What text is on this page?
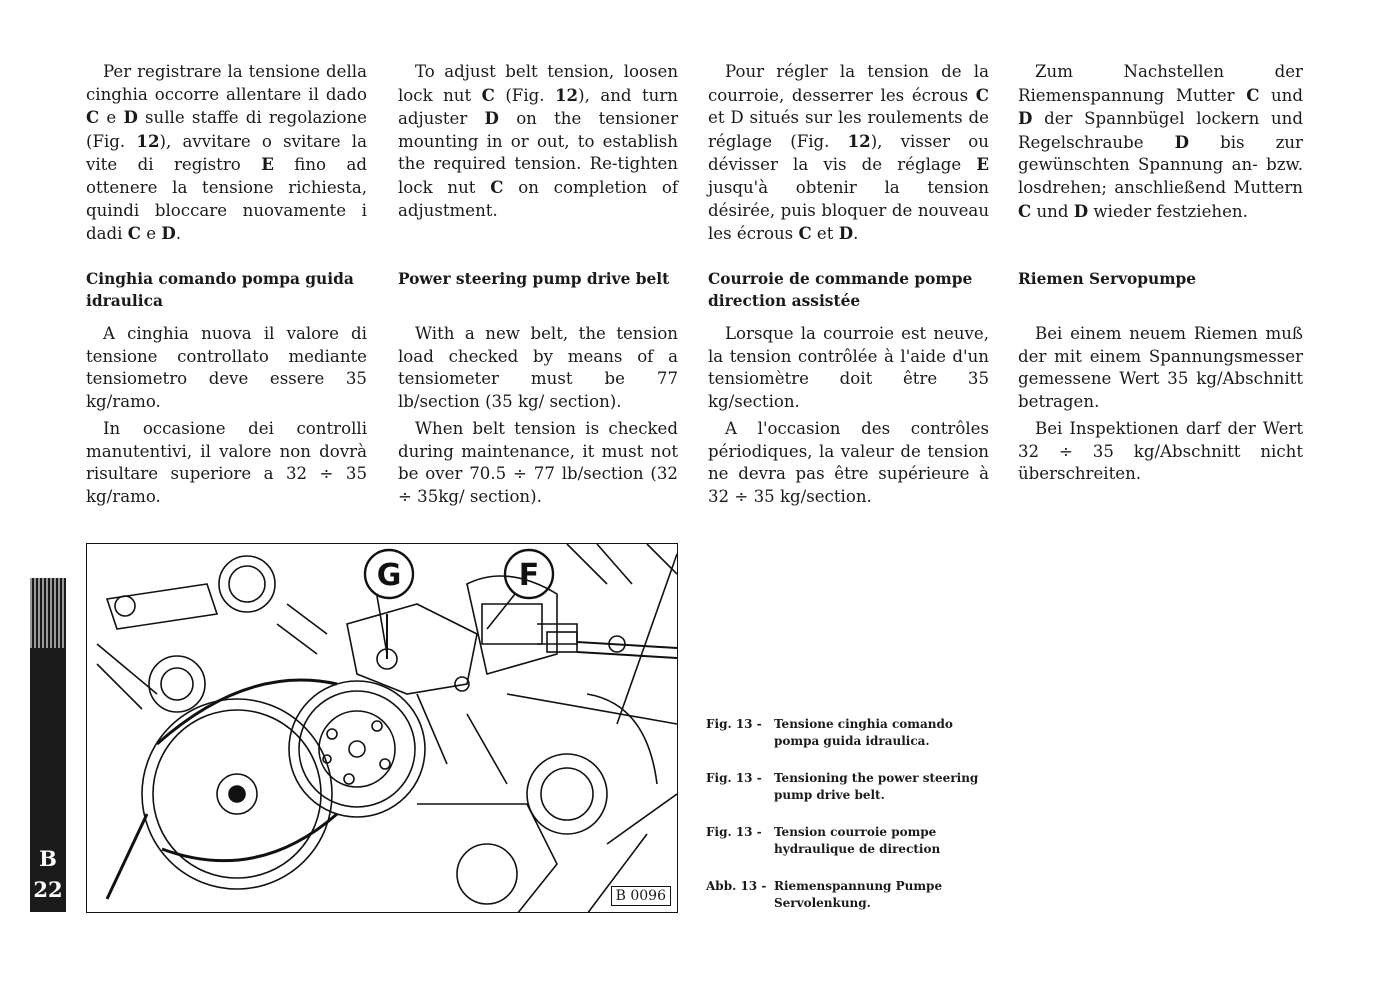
Per registrare la tensione della cinghia occorre allentare il dado C e D sulle staffe di regolazione (Fig. 12), avvitare o svitare la vite di registro E fino ad ottenere la tensione richiesta, quindi bloccare nuovamente i dadi C e D.

Cinghia comando pompa guida idraulica
A cinghia nuova il valore di tensione controllato mediante tensiometro deve essere 35 kg/ramo.
In occasione dei controlli manutentivi, il valore non dovrà risultare superiore a 32 ÷ 35 kg/ramo.

To adjust belt tension, loosen lock nut C (Fig. 12), and turn adjuster D on the tensioner mounting in or out, to establish the required tension. Re-tighten lock nut C on completion of adjustment.

Power steering pump drive belt
With a new belt, the tension load checked by means of a tensiometer must be 77 lb/section (35 kg/ section).
When belt tension is checked during maintenance, it must not be over 70.5 ÷ 77 lb/section (32 ÷ 35kg/ section).

Pour régler la tension de la courroie, desserrer les écrous C et D situés sur les roulements de réglage (Fig. 12), visser ou dévisser la vis de réglage E jusqu'à obtenir la tension désirée, puis bloquer de nouveau les écrous C et D.

Courroie de commande pompe direction assistée
Lorsque la courroie est neuve, la tension contrôlée à l'aide d'un tensiomètre doit être 35 kg/section.
A l'occasion des contrôles périodiques, la valeur de tension ne devra pas être supérieure à 32 ÷ 35 kg/section.

Zum Nachstellen der Riemenspannung Mutter C und D der Spannbügel lockern und Regelschraube D bis zur gewünschten Spannung an- bzw. losdrehen; anschließend Muttern C und D wieder festziehen.

Riemen Servopumpe
Bei einem neuem Riemen muß der mit einem Spannungsmesser gemessene Wert 35 kg/Abschnitt betragen.
Bei Inspektionen darf der Wert 32 ÷ 35 kg/Abschnitt nicht überschreiten.
G	F
B 0096
Fig. 13 -	Tensione cinghia comando pompa guida idraulica.
Fig. 13 -	Tensioning the power steering pump drive belt.
Fig. 13 -	Tension courroie pompe hydraulique de direction
Abb. 13 - Riemenspannung Pumpe Servolenkung.
B
22
